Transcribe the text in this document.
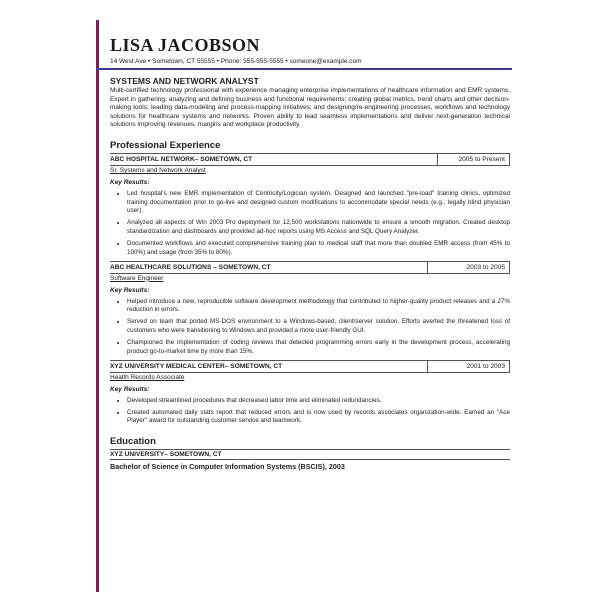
LISA JACOBSON
14 West Ave • Sometown, CT 55555 • Phone: 555-555-5555 • someone@example.com
SYSTEMS AND NETWORK ANALYST
Multi-certified technology professional with experience managing enterprise implementations of healthcare information and EMR systems. Expert in gathering, analyzing and defining business and functional requirements; creating global metrics, trend charts and other decision-making tools; leading data-modeling and process-mapping initiatives; and designing/re-engineering processes, workflows and technology solutions for healthcare systems and networks. Proven ability to lead seamless implementations and deliver next-generation technical solutions improving revenues, margins and workplace productivity.
Professional Experience
ABC HOSPITAL NETWORK– SOMETOWN, CT	2005 to Present
Sr. Systems and Network Analyst
Key Results:
• Led hospital's new EMR implementation of Centricity/Logician system. Designed and launched "pre-load" training clinics, optimized training documentation prior to go-live and designed custom modifications to accommodate special needs (e.g., legally blind physician user).
• Analyzed all aspects of Win 2003 Pro deployment for 12,500 workstations nationwide to ensure a smooth migration. Created desktop standardization and dashboards and provided ad-hoc reports using MS Access and SQL Query Analyzer.
• Documented workflows and executed comprehensive training plan to medical staff that more than doubled EMR access (from 45% to 100%) and usage (from 35% to 80%).
ABC HEALTHCARE SOLUTIONS – SOMETOWN, CT	2003 to 2005
Software Engineer
Key Results:
• Helped introduce a new, reproducible software development methodology that contributed to higher-quality product releases and a 27% reduction in errors.
• Served on team that ported MS-DOS environment to a Windows-based, client/server solution. Efforts averted the threatened loss of customers who were transitioning to Windows and provided a more user-friendly GUI.
• Championed the implementation of coding reviews that detected programming errors early in the development process, accelerating product go-to-market time by more than 15%.
XYZ UNIVERSITY MEDICAL CENTER– SOMETOWN, CT	2001 to 2003
Health Records Associate
Key Results:
• Developed streamlined procedures that decreased labor time and eliminated redundancies.
• Created automated daily stats report that reduced errors and is now used by records associates organization-wide. Earned an "Ace Player" award for outstanding customer service and teamwork.
Education
XYZ UNIVERSITY– SOMETOWN, CT
Bachelor of Science in Computer Information Systems (BSCIS), 2003
